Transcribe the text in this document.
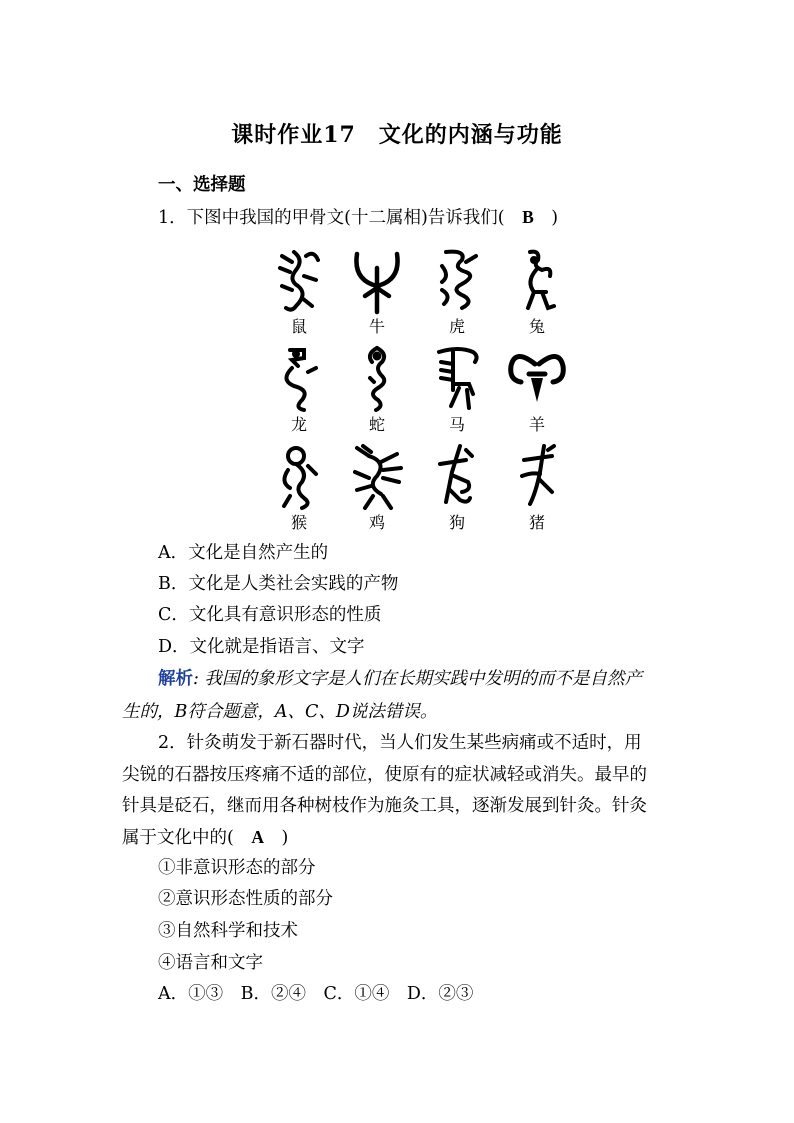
课时作业17　文化的内涵与功能
一、选择题
1．下图中我国的甲骨文(十二属相)告诉我们(　B　)
鼠	牛	虎	兔
龙	蛇	马	羊
猴	鸡	狗	猪
A．文化是自然产生的
B．文化是人类社会实践的产物
C．文化具有意识形态的性质
D．文化就是指语言、文字
解析: 我国的象形文字是人们在长期实践中发明的而不是自然产
生的，B符合题意，A、C、D说法错误。
2．针灸萌发于新石器时代，当人们发生某些病痛或不适时，用
尖锐的石器按压疼痛不适的部位，使原有的症状减轻或消失。最早的
针具是砭石，继而用各种树枝作为施灸工具，逐渐发展到针灸。针灸
属于文化中的(　A　)
①非意识形态的部分
②意识形态性质的部分
③自然科学和技术
④语言和文字
A．①③　B．②④　C．①④　D．②③
